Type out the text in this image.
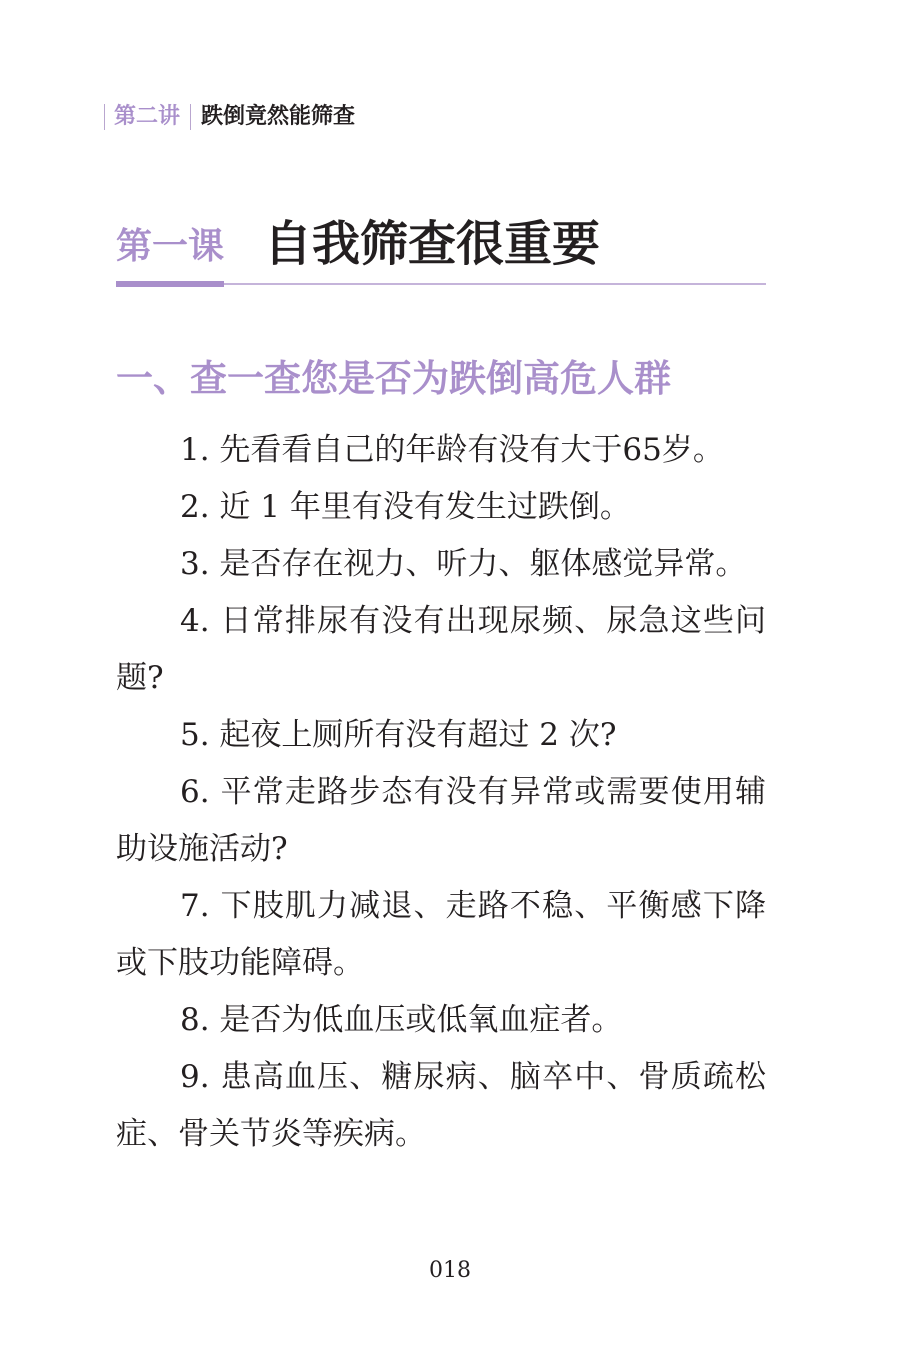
第二讲 跌倒竟然能筛查
第一课 自我筛查很重要
一、查一查您是否为跌倒高危人群

1. 先看看自己的年龄有没有大于65岁。

2. 近 1 年里有没有发生过跌倒。

3. 是否存在视力、听力、躯体感觉异常。

4. 日常排尿有没有出现尿频、尿急这些问题?

5. 起夜上厕所有没有超过 2 次?

6. 平常走路步态有没有异常或需要使用辅助设施活动?

7. 下肢肌力减退、走路不稳、平衡感下降或下肢功能障碍。

8. 是否为低血压或低氧血症者。

9. 患高血压、糖尿病、脑卒中、骨质疏松症、骨关节炎等疾病。

018
